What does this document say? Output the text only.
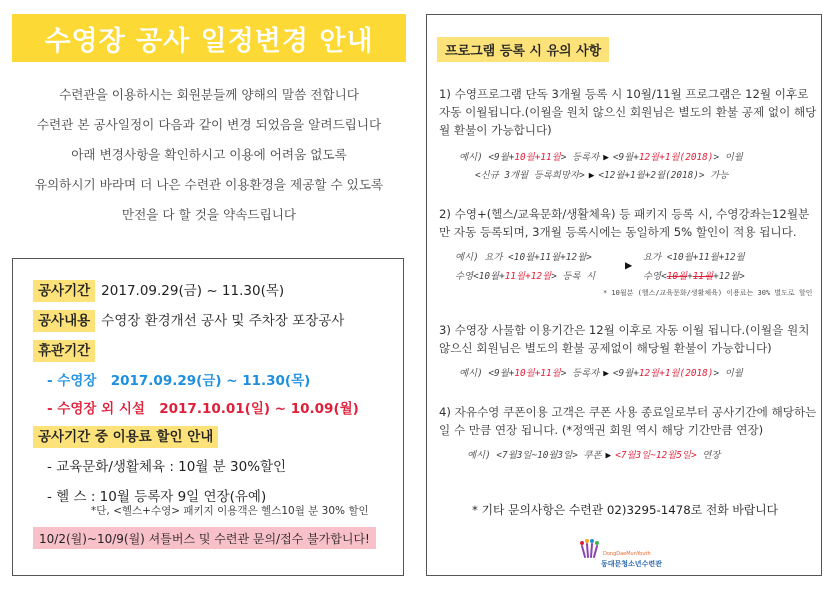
수영장 공사 일정변경 안내
수련관을 이용하시는 회원분들께 양해의 말씀 전합니다
수련관 본 공사일정이 다음과 같이 변경 되었음을 알려드립니다
아래 변경사항을 확인하시고 이용에 어려움 없도록
유의하시기 바라며 더 나은 수련관 이용환경을 제공할 수 있도록
만전을 다 할 것을 약속드립니다
공사기간 2017.09.29(금) ~ 11.30(목)
공사내용 수영장 환경개선 공사 및 주차장 포장공사
휴관기간
- 수영장 2017.09.29(금) ~ 11.30(목)
- 수영장 외 시설 2017.10.01(일) ~ 10.09(월)
공사기간 중 이용료 할인 안내
- 교육문화/생활체육 : 10월 분 30%할인
- 헬 스 : 10월 등록자 9일 연장(유예)
*단, <헬스+수영> 패키지 이용객은 헬스10월 분 30% 할인
10/2(월)~10/9(월) 셔틀버스 및 수련관 문의/접수 불가합니다!
프로그램 등록 시 유의 사항
1) 수영프로그램 단독 3개월 등록 시 10월/11월 프로그램은 12월 이후로 자동 이월됩니다.(이월을 원치 않으신 회원님은 별도의 환불 공제 없이 해당월 환불이 가능합니다)
예시) <9월+10월+11월> 등록자 ▶ <9월+12월+1월(2018)> 이월
<신규 3개월 등록희망자> ▶ <12월+1월+2월(2018)> 가능
2) 수영+(헬스/교육문화/생활체육) 등 패키지 등록 시, 수영강좌는12월분만 자동 등록되며, 3개월 등록시에는 동일하게 5% 할인이 적용 됩니다.
예시) 요가 <10월+11월+12월>
수영<10월+11월+12월> 등록 시
▶
요가 <10월+11월+12월
수영<10월+11월+12월>
* 10월분 (헬스/교육문화/생활체육) 이용료는 30% 별도로 할인
3) 수영장 사물함 이용기간은 12월 이후로 자동 이월 됩니다.(이월을 원치 않으신 회원님은 별도의 환불 공제없이 해당월 환불이 가능합니다)
예시) <9월+10월+11월> 등록자 ▶ <9월+12월+1월(2018)> 이월
4) 자유수영 쿠폰이용 고객은 쿠폰 사용 종료일로부터 공사기간에 해당하는 일 수 만큼 연장 됩니다. (*정액권 회원 역시 해당 기간만큼 연장)
예시) <7월3일~10월3일> 쿠폰 ▶ <7월3일~12월5일> 연장
* 기타 문의사항은 수련관 02)3295-1478로 전화 바랍니다
DongDaeMunYouth
동대문청소년수련관
